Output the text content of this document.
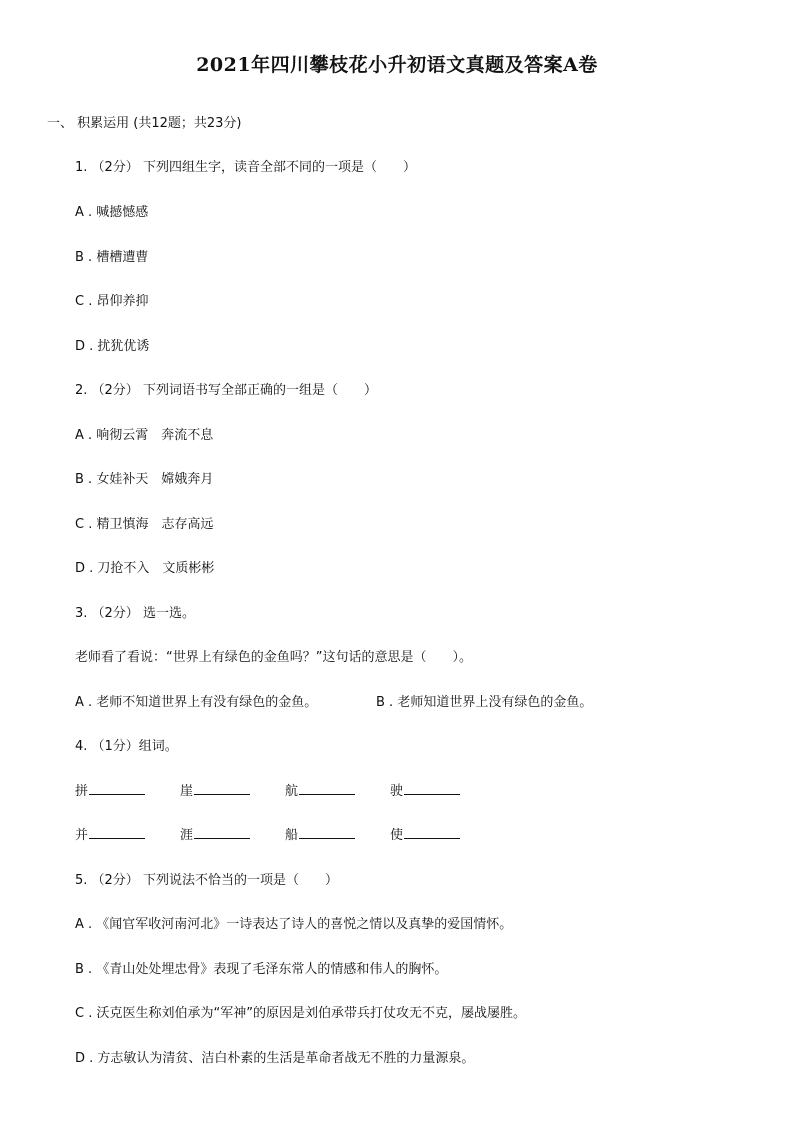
2021年四川攀枝花小升初语文真题及答案A卷
一、 积累运用 (共12题；共23分)
1. （2分） 下列四组生字，读音全部不同的一项是（　　）
A . 喊撼憾感
B . 槽槽遭曹
C . 昂仰养抑
D . 扰犹优诱
2. （2分） 下列词语书写全部正确的一组是（　　）
A . 响彻云霄　奔流不息
B . 女娃补天　嫦娥奔月
C . 精卫慎海　志存高远
D . 刀抢不入　文质彬彬
3. （2分） 选一选。
老师看了看说：“世界上有绿色的金鱼吗？”这句话的意思是（　　）。
A . 老师不知道世界上有没有绿色的金鱼。	B . 老师知道世界上没有绿色的金鱼。
4. （1分）组词。
拼	崖	航	驶
并	涯	船	使
5. （2分） 下列说法不恰当的一项是（　　）
A . 《闻官军收河南河北》一诗表达了诗人的喜悦之情以及真挚的爱国情怀。
B . 《青山处处埋忠骨》表现了毛泽东常人的情感和伟人的胸怀。
C . 沃克医生称刘伯承为“军神”的原因是刘伯承带兵打仗攻无不克，屡战屡胜。
D . 方志敏认为清贫、洁白朴素的生活是革命者战无不胜的力量源泉。
